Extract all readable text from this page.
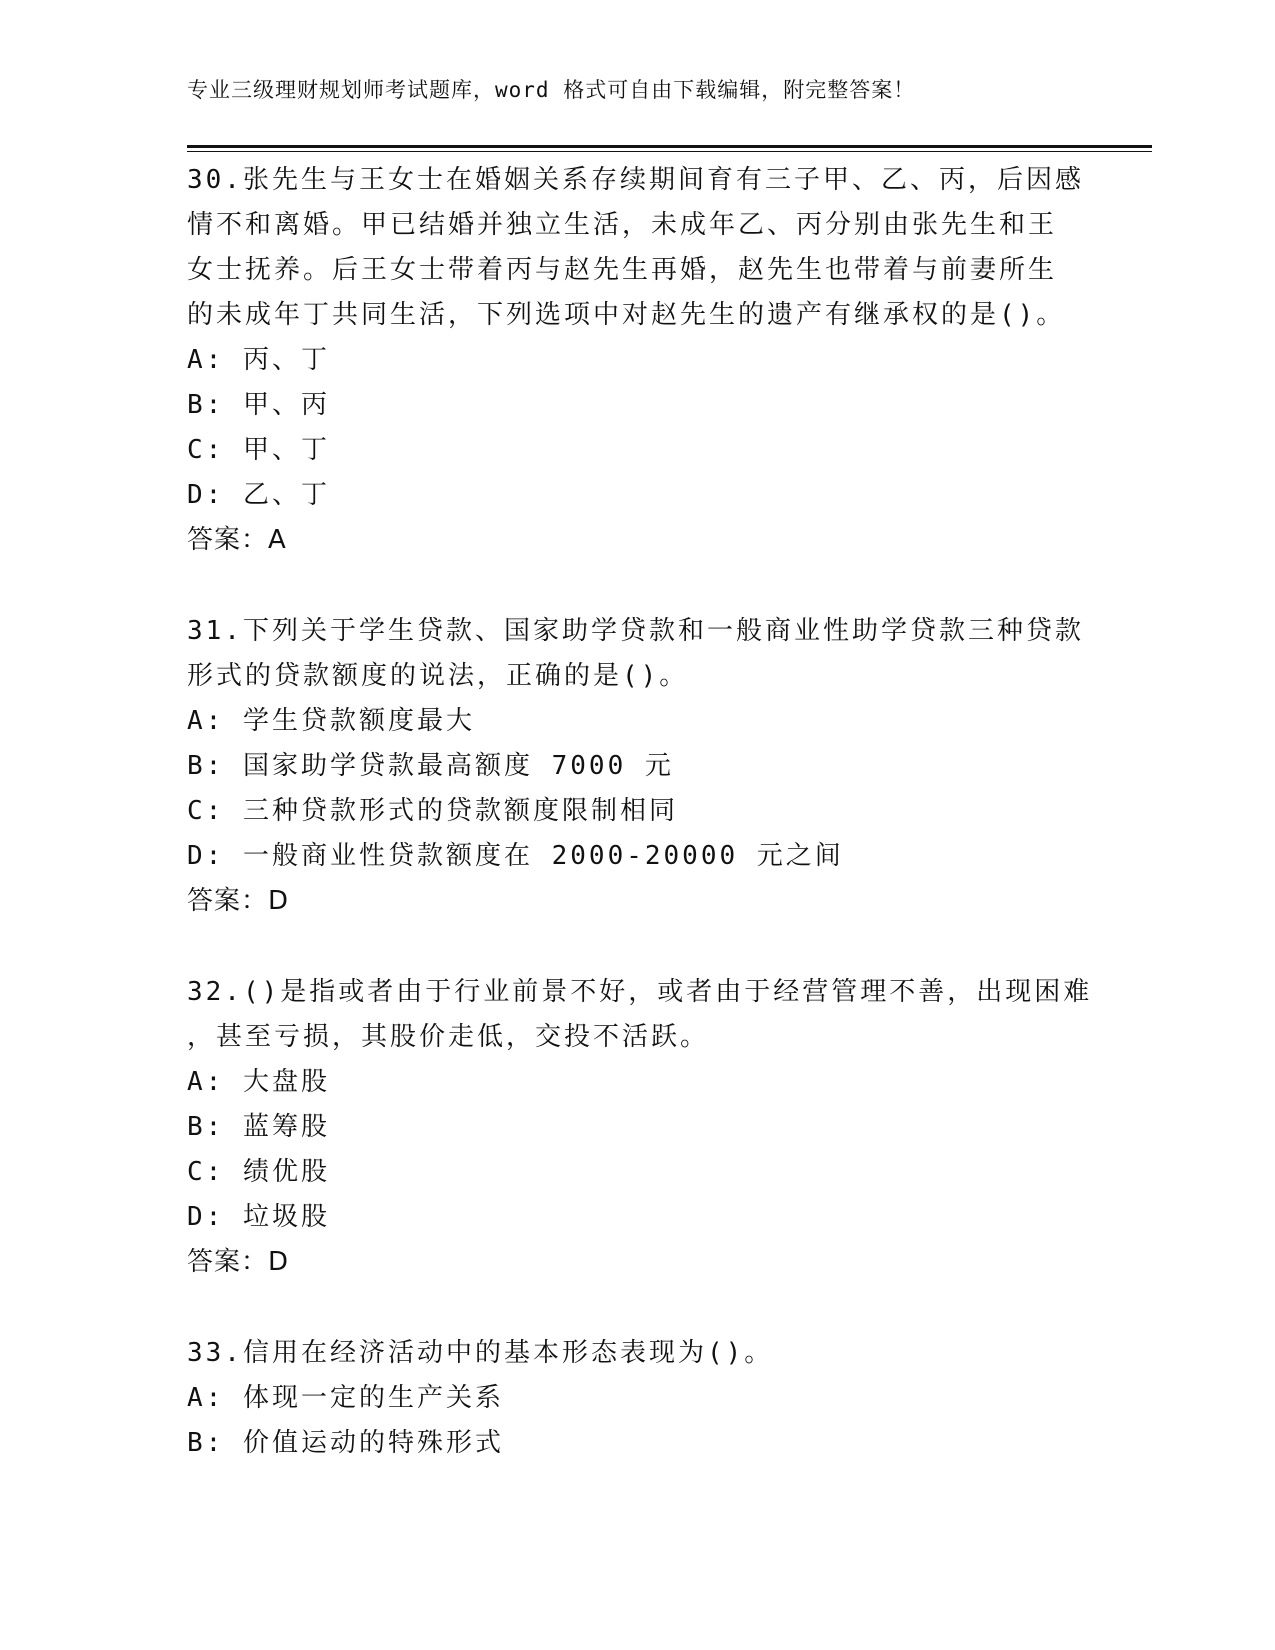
专业三级理财规划师考试题库，word 格式可自由下载编辑，附完整答案！
30.张先生与王女士在婚姻关系存续期间育有三子甲、乙、丙，后因感
情不和离婚。甲已结婚并独立生活，未成年乙、丙分别由张先生和王
女士抚养。后王女士带着丙与赵先生再婚，赵先生也带着与前妻所生
的未成年丁共同生活，下列选项中对赵先生的遗产有继承权的是()。
A: 丙、丁
B: 甲、丙
C: 甲、丁
D: 乙、丁
答案：A
31.下列关于学生贷款、国家助学贷款和一般商业性助学贷款三种贷款
形式的贷款额度的说法，正确的是()。
A: 学生贷款额度最大
B: 国家助学贷款最高额度 7000 元
C: 三种贷款形式的贷款额度限制相同
D: 一般商业性贷款额度在 2000-20000 元之间
答案：D
32.()是指或者由于行业前景不好，或者由于经营管理不善，出现困难
，甚至亏损，其股价走低，交投不活跃。
A: 大盘股
B: 蓝筹股
C: 绩优股
D: 垃圾股
答案：D
33.信用在经济活动中的基本形态表现为()。
A: 体现一定的生产关系
B: 价值运动的特殊形式
